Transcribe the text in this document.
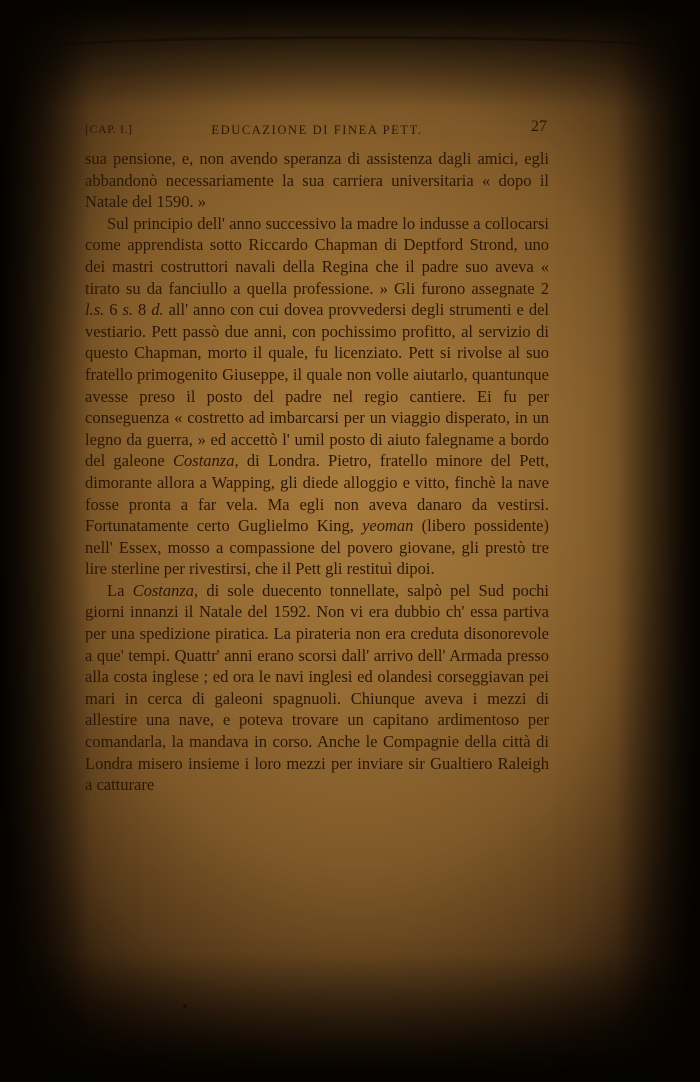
[CAP. I.]	EDUCAZIONE DI FINEA PETT.	27

sua pensione, e, non avendo speranza di assistenza dagli amici, egli abbandonò necessariamente la sua carriera universitaria « dopo il Natale del 1590. »

Sul principio dell' anno successivo la madre lo indusse a collocarsi come apprendista sotto Riccardo Chapman di Deptford Strond, uno dei mastri costruttori navali della Regina che il padre suo aveva « tirato su da fanciullo a quella professione. » Gli furono assegnate 2 l.s. 6 s. 8 d. all' anno con cui dovea provvedersi degli strumenti e del vestiario. Pett passò due anni, con pochissimo profitto, al servizio di questo Chapman, morto il quale, fu licenziato. Pett si rivolse al suo fratello primogenito Giuseppe, il quale non volle aiutarlo, quantunque avesse preso il posto del padre nel regio cantiere. Ei fu per conseguenza « costretto ad imbarcarsi per un viaggio disperato, in un legno da guerra, » ed accettò l' umil posto di aiuto falegname a bordo del galeone Costanza, di Londra. Pietro, fratello minore del Pett, dimorante allora a Wapping, gli diede alloggio e vitto, finchè la nave fosse pronta a far vela. Ma egli non aveva danaro da vestirsi. Fortunatamente certo Guglielmo King, yeoman (libero possidente) nell' Essex, mosso a compassione del povero giovane, gli prestò tre lire sterline per rivestirsi, che il Pett gli restituì dipoi.

La Costanza, di sole duecento tonnellate, salpò pel Sud pochi giorni innanzi il Natale del 1592. Non vi era dubbio ch' essa partiva per una spedizione piratica. La pirateria non era creduta disonorevole a que' tempi. Quattr' anni erano scorsi dall' arrivo dell' Armada presso alla costa inglese ; ed ora le navi inglesi ed olandesi corseggiavan pei mari in cerca di galeoni spagnuoli. Chiunque aveva i mezzi di allestire una nave, e poteva trovare un capitano ardimentoso per comandarla, la mandava in corso. Anche le Compagnie della città di Londra misero insieme i loro mezzi per inviare sir Gualtiero Raleigh a catturare
